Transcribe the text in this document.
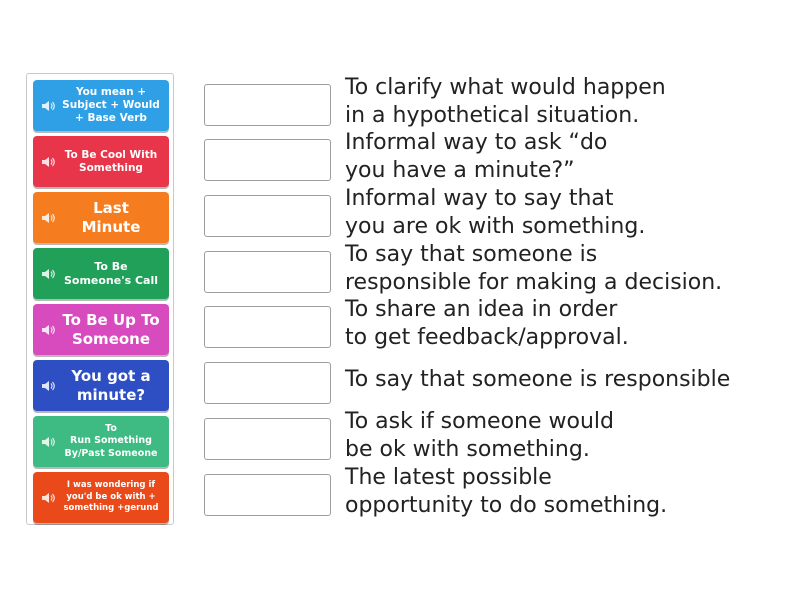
You mean +
Subject + Would
+ Base Verb
To Be Cool With
Something
Last
Minute
To Be
Someone's Call
To Be Up To
Someone
You got a
minute?
To
Run Something
By/Past Someone
I was wondering if
you'd be ok with +
something +gerund
To clarify what would happen
in a hypothetical situation.
Informal way to ask “do
you have a minute?”
Informal way to say that
you are ok with something.
To say that someone is
responsible for making a decision.
To share an idea in order
to get feedback/approval.
To say that someone is responsible
To ask if someone would
be ok with something.
The latest possible
opportunity to do something.
